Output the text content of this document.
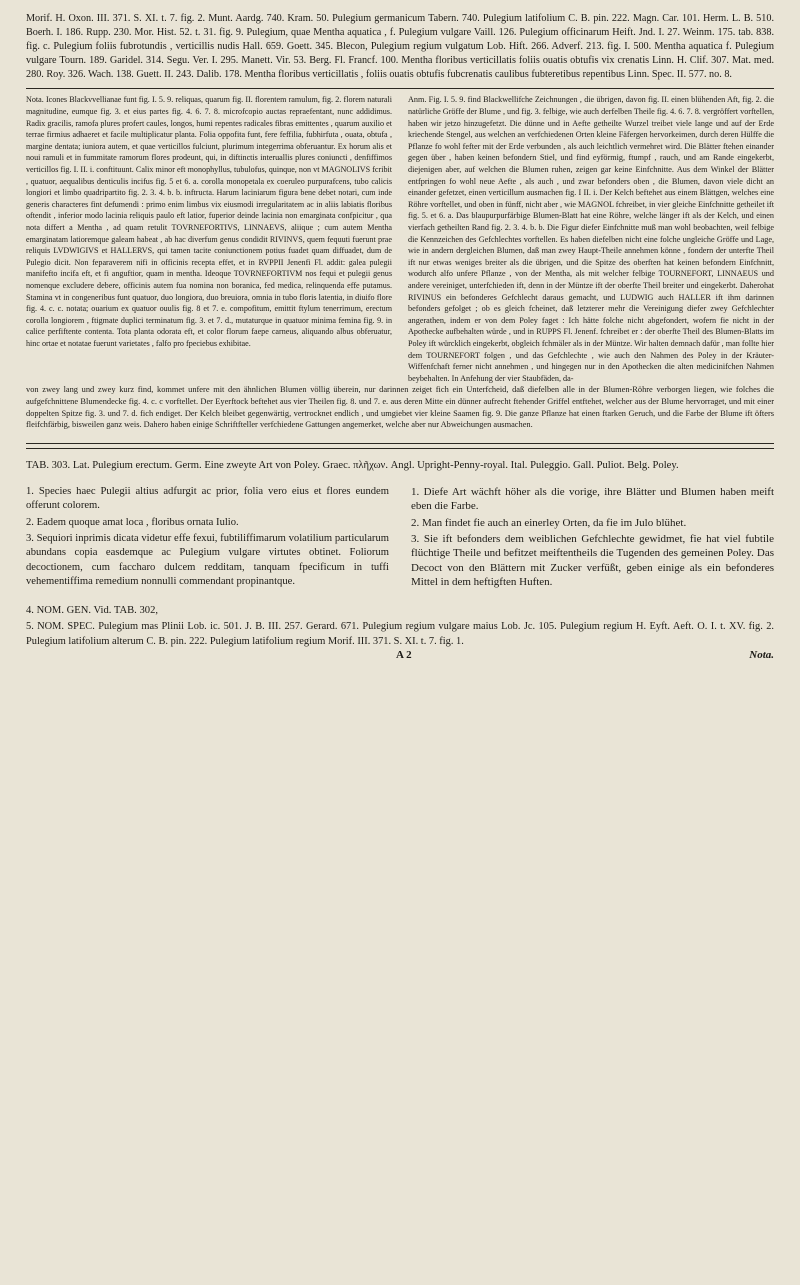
Morif. H. Oxon. III. 371. S. XI. t. 7. fig. 2. Munt. Aardg. 740. Kram. 50. Pulegium germanicum Tabern. 740. Pulegium latifolium C. B. pin. 222. Magn. Car. 101. Herm. L. B. 510. Boerh. I. 186. Rupp. 230. Mor. Hist. 52. t. 31. fig. 9. Pulegium, quae Mentha aquatica , f. Pulegium vulgare Vaill. 126. Pulegium officinarum Heift. Jnd. I. 27. Weinm. 175. tab. 838. fig. c. Pulegium foliis fubrotundis , verticillis nudis Hall. 659. Goett. 345. Blecon, Pulegium regium vulgatum Lob. Hift. 266. Adverf. 213. fig. I. 500. Mentha aquatica f. Pulegium vulgare Tourn. 189. Garidel. 314. Segu. Ver. I. 295. Manett. Vir. 53. Berg. Fl. Francf. 100. Mentha floribus verticillatis foliis ouatis obtufis vix crenatis Linn. H. Clif. 307. Mat. med. 280. Roy. 326. Wach. 138. Guett. II. 243. Dalib. 178. Mentha floribus verticillatis , foliis ouatis obtufis fubcrenatis caulibus fubteretibus repentibus Linn. Spec. II. 577. no. 8.

Nota. Icones Blackvvellianae funt fig. I. 5. 9. reliquas, quarum fig. II. florentem ramulum, fig. 2. florem naturali magnitudine, eumque fig. 3. et eius partes fig. 4. 6. 7. 8. microfcopio auctas repraefentant, nunc addidimus. Radix gracilis, ramofa plures profert caules, longos, humi repentes radicales fibras emittentes , quarum auxilio et terrae firmius adhaeret et facile multiplicatur planta. Folia oppofita funt, fere feffilia, fubhirfuta , ouata, obtufa , margine dentata; iuniora autem, et quae verticillos fulciunt, plurimum integerrima obferuantur. Ex horum alis et noui ramuli et in fummitate ramorum flores prodeunt, qui, in diftinctis interuallis plures coniuncti , denfiffimos verticillos fig. I. II. i. conftituunt. Calix minor eft monophyllus, tubulofus, quinque, non vt MAGNOLIVS fcribit , quatuor, aequalibus denticulis incifus fig. 5 et 6. a. corolla monopetala ex coeruleo purpurafcens, tubo calicis longiori et limbo quadripartito fig. 2. 3. 4. b. b. inftructa. Harum laciniarum figura bene debet notari, cum inde generis characteres fint defumendi : primo enim limbus vix eiusmodi irregularitatem ac in aliis labiatis floribus oftendit , inferior modo lacinia reliquis paulo eft latior, fuperior deinde lacinia non emarginata confpicitur , qua nota differt a Mentha , ad quam retulit TOVRNEFORTIVS, LINNAEVS, aliique ; cum autem Mentha emarginatam latioremque galeam habeat , ab hac diverfum genus condidit RIVINVS, quem fequuti fuerunt prae reliquis LVDWIGIVS et HALLERVS, qui tamen tacite coniunctionem potius fuadet quam diffuadet, dum de Pulegio dicit. Non feparaverem nifi in officinis recepta effet, et in RVPPII Jenenfi Fl. addit: galea pulegii manifefto incifa eft, et fi anguftior, quam in mentha. Ideoque TOVRNEFORTIVM nos fequi et pulegii genus nomenque excludere debere, officinis autem fua nomina non boranica, fed medica, relinquenda effe putamus. Stamina vt in congeneribus funt quatuor, duo longiora, duo breuiora, omnia in tubo floris latentia, in diuifo flore fig. 4. c. c. notata; ouarium ex quatuor ouulis fig. 8 et 7. e. compofitum, emittit ftylum tenerrimum, erectum corolla longiorem , ftigmate duplici terminatum fig. 3. et 7. d., mutaturque in quatuor minima femina fig. 9. in calice perfiftente contenta. Tota planta odorata eft, et color florum faepe carneus, aliquando albus obferuatur, hinc ortae et notatae fuerunt varietates , falfo pro fpeciebus exhibitae.

Anm. Fig. I. 5. 9. find Blackwellifche Zeichnungen , die übrigen, davon fig. II. einen blühenden Aft, fig. 2. die natürliche Gröffe der Blume , und fig. 3. felbige, wie auch derfelben Theile fig. 4. 6. 7. 8. vergröffert vorftellen, haben wir jetzo hinzugefetzt. Die dünne und in Aefte getheilte Wurzel treibet viele lange und auf der Erde kriechende Stengel, aus welchen an verfchiedenen Orten kleine Fäfergen hervorkeimen, durch deren Hülffe die Pflanze fo wohl fefter mit der Erde verbunden , als auch leichtlich vermehret wird. Die Blätter ftehen einander gegen über , haben keinen befondern Stiel, und find eyförmig, ftumpf , rauch, und am Rande eingekerbt, diejenigen aber, auf welchen die Blumen ruhen, zeigen gar keine Einfchnitte. Aus dem Winkel der Blätter entfpringen fo wohl neue Aefte , als auch , und zwar befonders oben , die Blumen, davon viele dicht an einander gefetzet, einen verticillum ausmachen fig. I II. i. Der Kelch beftehet aus einem Blättgen, welches eine Röhre vorftellet, und oben in fünff, nicht aber , wie MAGNOL fchreibet, in vier gleiche Einfchnitte getheilet ift fig. 5. et 6. a. Das blaupurpurfärbige Blumen-Blatt hat eine Röhre, welche länger ift als der Kelch, und einen vierfach getheilten Rand fig. 2. 3. 4. b. b. Die Figur diefer Einfchnitte muß man wohl beobachten, weil felbige die Kennzeichen des Gefchlechtes vorftellen. Es haben diefelben nicht eine folche ungleiche Gröffe und Lage, wie in andern dergleichen Blumen, daß man zwey Haupt-Theile annehmen könne , fondern der unterfte Theil ift nur etwas weniges breiter als die übrigen, und die Spitze des oberften hat keinen befondern Einfchnitt, wodurch alfo unfere Pflanze , von der Mentha, als mit welcher felbige TOURNEFORT, LINNAEUS und andere vereiniget, unterfchieden ift, denn in der Müntze ift der oberfte Theil breiter und eingekerbt. Daherohat RIVINUS ein befonderes Gefchlecht daraus gemacht, und LUDWIG auch HALLER ift ihm darinnen befonders gefolget ; ob es gleich fcheinet, daß letzterer mehr die Vereinigung diefer zwey Gefchlechter angerathen, indem er von dem Poley faget : Ich hätte folche nicht abgefondert, wofern fie nicht in der Apothecke aufbehalten würde , und in RUPPS Fl. Jenenf. fchreibet er : der oberfte Theil des Blumen-Blatts im Poley ift würcklich eingekerbt, obgleich fchmäler als in der Müntze. Wir halten demnach dafür , man follte hier dem TOURNEFORT folgen , und das Gefchlechte , wie auch den Nahmen des Poley in der Kräuter-Wiffenfchaft ferner nicht annehmen , und hingegen nur in den Apothecken die alten medicinifchen Nahmen beybehalten. In Anfehung der vier Staubfäden, da-

von zwey lang und zwey kurz find, kommet unfere mit den ähnlichen Blumen völlig überein, nur darinnen zeiget fich ein Unterfcheid, daß diefelben alle in der Blumen-Röhre verborgen liegen, wie folches die aufgefchnittene Blumendecke fig. 4. c. c vorftellet. Der Eyerftock beftehet aus vier Theilen fig. 8. und 7. e. aus deren Mitte ein dünner aufrecht ftehender Griffel entftehet, welcher aus der Blume hervorraget, und mit einer doppelten Spitze fig. 3. und 7. d. fich endiget. Der Kelch bleibet gegenwärtig, vertrocknet endlich , und umgiebet vier kleine Saamen fig. 9. Die ganze Pflanze hat einen ftarken Geruch, und die Farbe der Blume ift öfters fleifchfärbig, bisweilen ganz weis. Dahero haben einige Schriftfteller verfchiedene Gattungen angemerket, welche aber nur Abweichungen ausmachen.

TAB. 303. Lat. Pulegium erectum. Germ. Eine zweyte Art von Poley. Graec. πλῆχων. Angl. Upright-Penny-royal. Ital. Puleggio. Gall. Puliot. Belg. Poley.

1. Species haec Pulegii altius adfurgit ac prior, folia vero eius et flores eundem offerunt colorem.

2. Eadem quoque amat loca , floribus ornata Iulio.

3. Sequiori inprimis dicata videtur effe fexui, fubtiliffimarum volatilium particularum abundans copia easdemque ac Pulegium vulgare virtutes obtinet. Foliorum decoctionem, cum faccharo dulcem redditam, tanquam fpecificum in tuffi vehementiffima remedium nonnulli commendant propinantque.

1. Diefe Art wächft höher als die vorige, ihre Blätter und Blumen haben meift eben die Farbe.

2. Man findet fie auch an einerley Orten, da fie im Julo blühet.

3. Sie ift befonders dem weiblichen Gefchlechte gewidmet, fie hat viel fubtile flüchtige Theile und befitzet meiftentheils die Tugenden des gemeinen Poley. Das Decoct von den Blättern mit Zucker verfüßt, geben einige als ein befonderes Mittel in dem heftigften Huften.

4. NOM. GEN. Vid. TAB. 302,

5. NOM. SPEC. Pulegium mas Plinii Lob. ic. 501. J. B. III. 257. Gerard. 671. Pulegium regium vulgare maius Lob. Jc. 105. Pulegium regium H. Eyft. Aeft. O. I. t. XV. fig. 2. Pulegium latifolium alterum C. B. pin. 222. Pulegium latifolium regium Morif. III. 371. S. XI. t. 7. fig. 1.

A 2	Nota.
